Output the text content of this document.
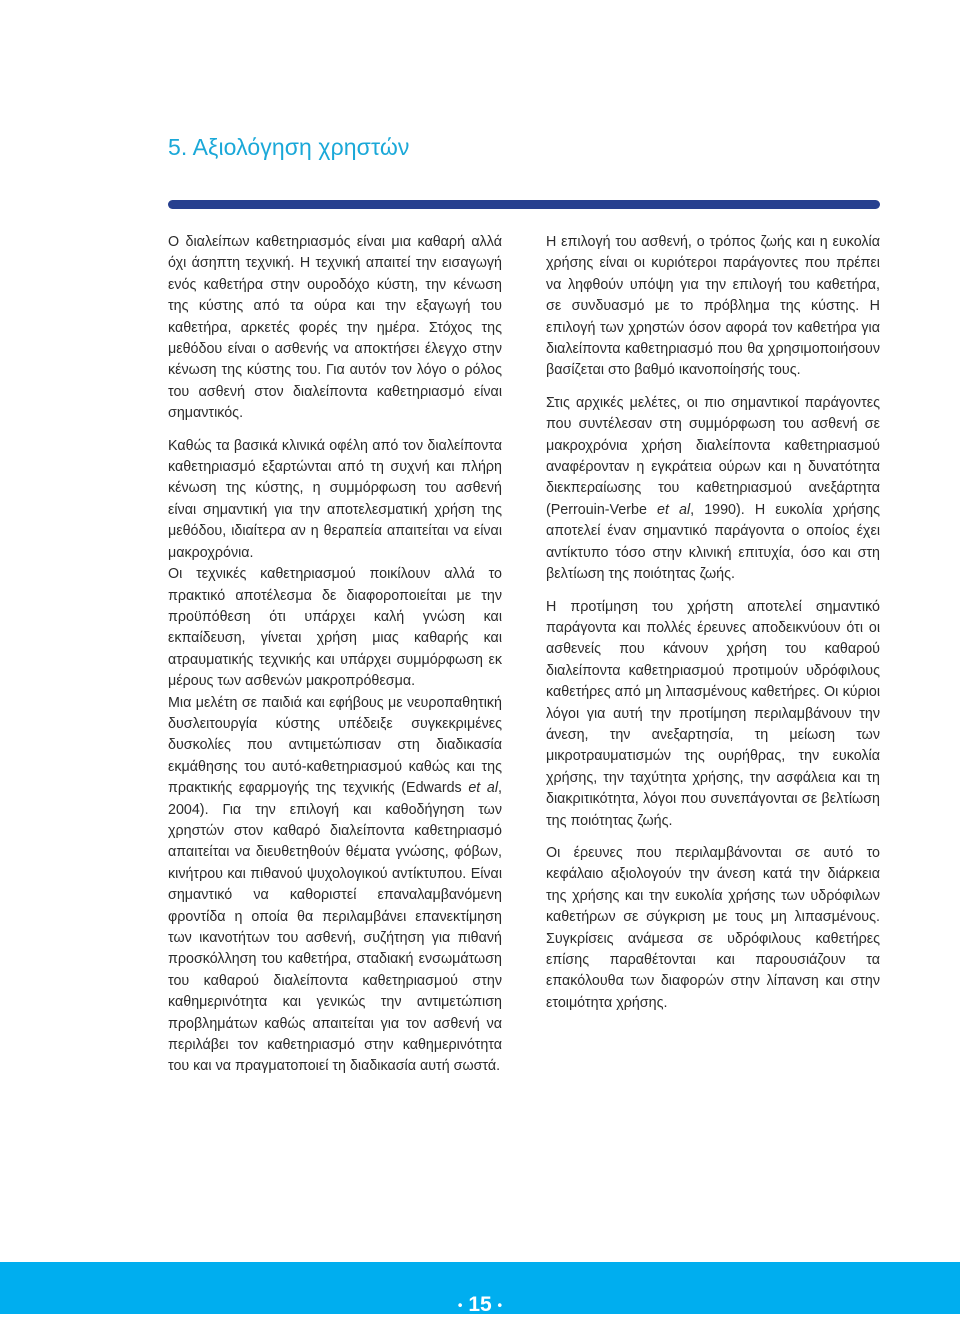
5. Αξιολόγηση χρηστών

Ο διαλείπων καθετηριασμός είναι μια καθαρή αλλά όχι άσηπτη τεχνική. Η τεχνική απαιτεί την εισαγωγή ενός καθετήρα στην ουροδόχο κύστη, την κένωση της κύστης από τα ούρα και την εξαγωγή του καθετήρα, αρκετές φορές την ημέρα. Στόχος της μεθόδου είναι ο ασθενής να αποκτήσει έλεγχο στην κένωση της κύστης του. Για αυτόν τον λόγο ο ρόλος του ασθενή στον διαλείποντα καθετηριασμό είναι σημαντικός.

Καθώς τα βασικά κλινικά οφέλη από τον διαλείποντα καθετηριασμό εξαρτώνται από τη συχνή και πλήρη κένωση της κύστης, η συμμόρφωση του ασθενή είναι σημαντική για την αποτελεσματική χρήση της μεθόδου, ιδιαίτερα αν η θεραπεία απαιτείται να είναι μακροχρόνια.

Οι τεχνικές καθετηριασμού ποικίλουν αλλά το πρακτικό αποτέλεσμα δε διαφοροποιείται με την προϋπόθεση ότι υπάρχει καλή γνώση και εκπαίδευση, γίνεται χρήση μιας καθαρής και ατραυματικής τεχνικής και υπάρχει συμμόρφωση εκ μέρους των ασθενών μακροπρόθεσμα.

Μια μελέτη σε παιδιά και εφήβους με νευροπαθητική δυσλειτουργία κύστης υπέδειξε συγκεκριμένες δυσκολίες που αντιμετώπισαν στη διαδικασία εκμάθησης του αυτό-καθετηριασμού καθώς και της πρακτικής εφαρμογής της τεχνικής (Edwards et al, 2004). Για την επιλογή και καθοδήγηση των χρηστών στον καθαρό διαλείποντα καθετηριασμό απαιτείται να διευθετηθούν θέματα γνώσης, φόβων, κινήτρου και πιθανού ψυχολογικού αντίκτυπου. Είναι σημαντικό να καθοριστεί επαναλαμβανόμενη φροντίδα η οποία θα περιλαμβάνει επανεκτίμηση των ικανοτήτων του ασθενή, συζήτηση για πιθανή προσκόλληση του καθετήρα, σταδιακή ενσωμάτωση του καθαρού διαλείποντα καθετηριασμού στην καθημερινότητα και γενικώς την αντιμετώπιση προβλημάτων καθώς απαιτείται για τον ασθενή να περιλάβει τον καθετηριασμό στην καθημερινότητα του και να πραγματοποιεί τη διαδικασία αυτή σωστά.

Η επιλογή του ασθενή, ο τρόπος ζωής και η ευκολία χρήσης είναι οι κυριότεροι παράγοντες που πρέπει να ληφθούν υπόψη για την επιλογή του καθετήρα, σε συνδυασμό με το πρόβλημα της κύστης. Η επιλογή των χρηστών όσον αφορά τον καθετήρα για διαλείποντα καθετηριασμό που θα χρησιμοποιήσουν βασίζεται στο βαθμό ικανοποίησής τους.

Στις αρχικές μελέτες, οι πιο σημαντικοί παράγοντες που συντέλεσαν στη συμμόρφωση του ασθενή σε μακροχρόνια χρήση διαλείποντα καθετηριασμού αναφέρονταν η εγκράτεια ούρων και η δυνατότητα διεκπεραίωσης του καθετηριασμού ανεξάρτητα (Perrouin-Verbe et al, 1990). Η ευκολία χρήσης αποτελεί έναν σημαντικό παράγοντα ο οποίος έχει αντίκτυπο τόσο στην κλινική επιτυχία, όσο και στη βελτίωση της ποιότητας ζωής.

Η προτίμηση του χρήστη αποτελεί σημαντικό παράγοντα και πολλές έρευνες αποδεικνύουν ότι οι ασθενείς που κάνουν χρήση του καθαρού διαλείποντα καθετηριασμού προτιμούν υδρόφιλους καθετήρες από μη λιπασμένους καθετήρες. Οι κύριοι λόγοι για αυτή την προτίμηση περιλαμβάνουν την άνεση, την ανεξαρτησία, τη μείωση των μικροτραυματισμών της ουρήθρας, την ευκολία χρήσης, την ταχύτητα χρήσης, την ασφάλεια και τη διακριτικότητα, λόγοι που συνεπάγονται σε βελτίωση της ποιότητας ζωής.

Οι έρευνες που περιλαμβάνονται σε αυτό το κεφάλαιο αξιολογούν την άνεση κατά την διάρκεια της χρήσης και την ευκολία χρήσης των υδρόφιλων καθετήρων σε σύγκριση με τους μη λιπασμένους. Συγκρίσεις ανάμεσα σε υδρόφιλους καθετήρες επίσης παραθέτονται και παρουσιάζουν τα επακόλουθα των διαφορών στην λίπανση και στην ετοιμότητα χρήσης.

• 15 •
